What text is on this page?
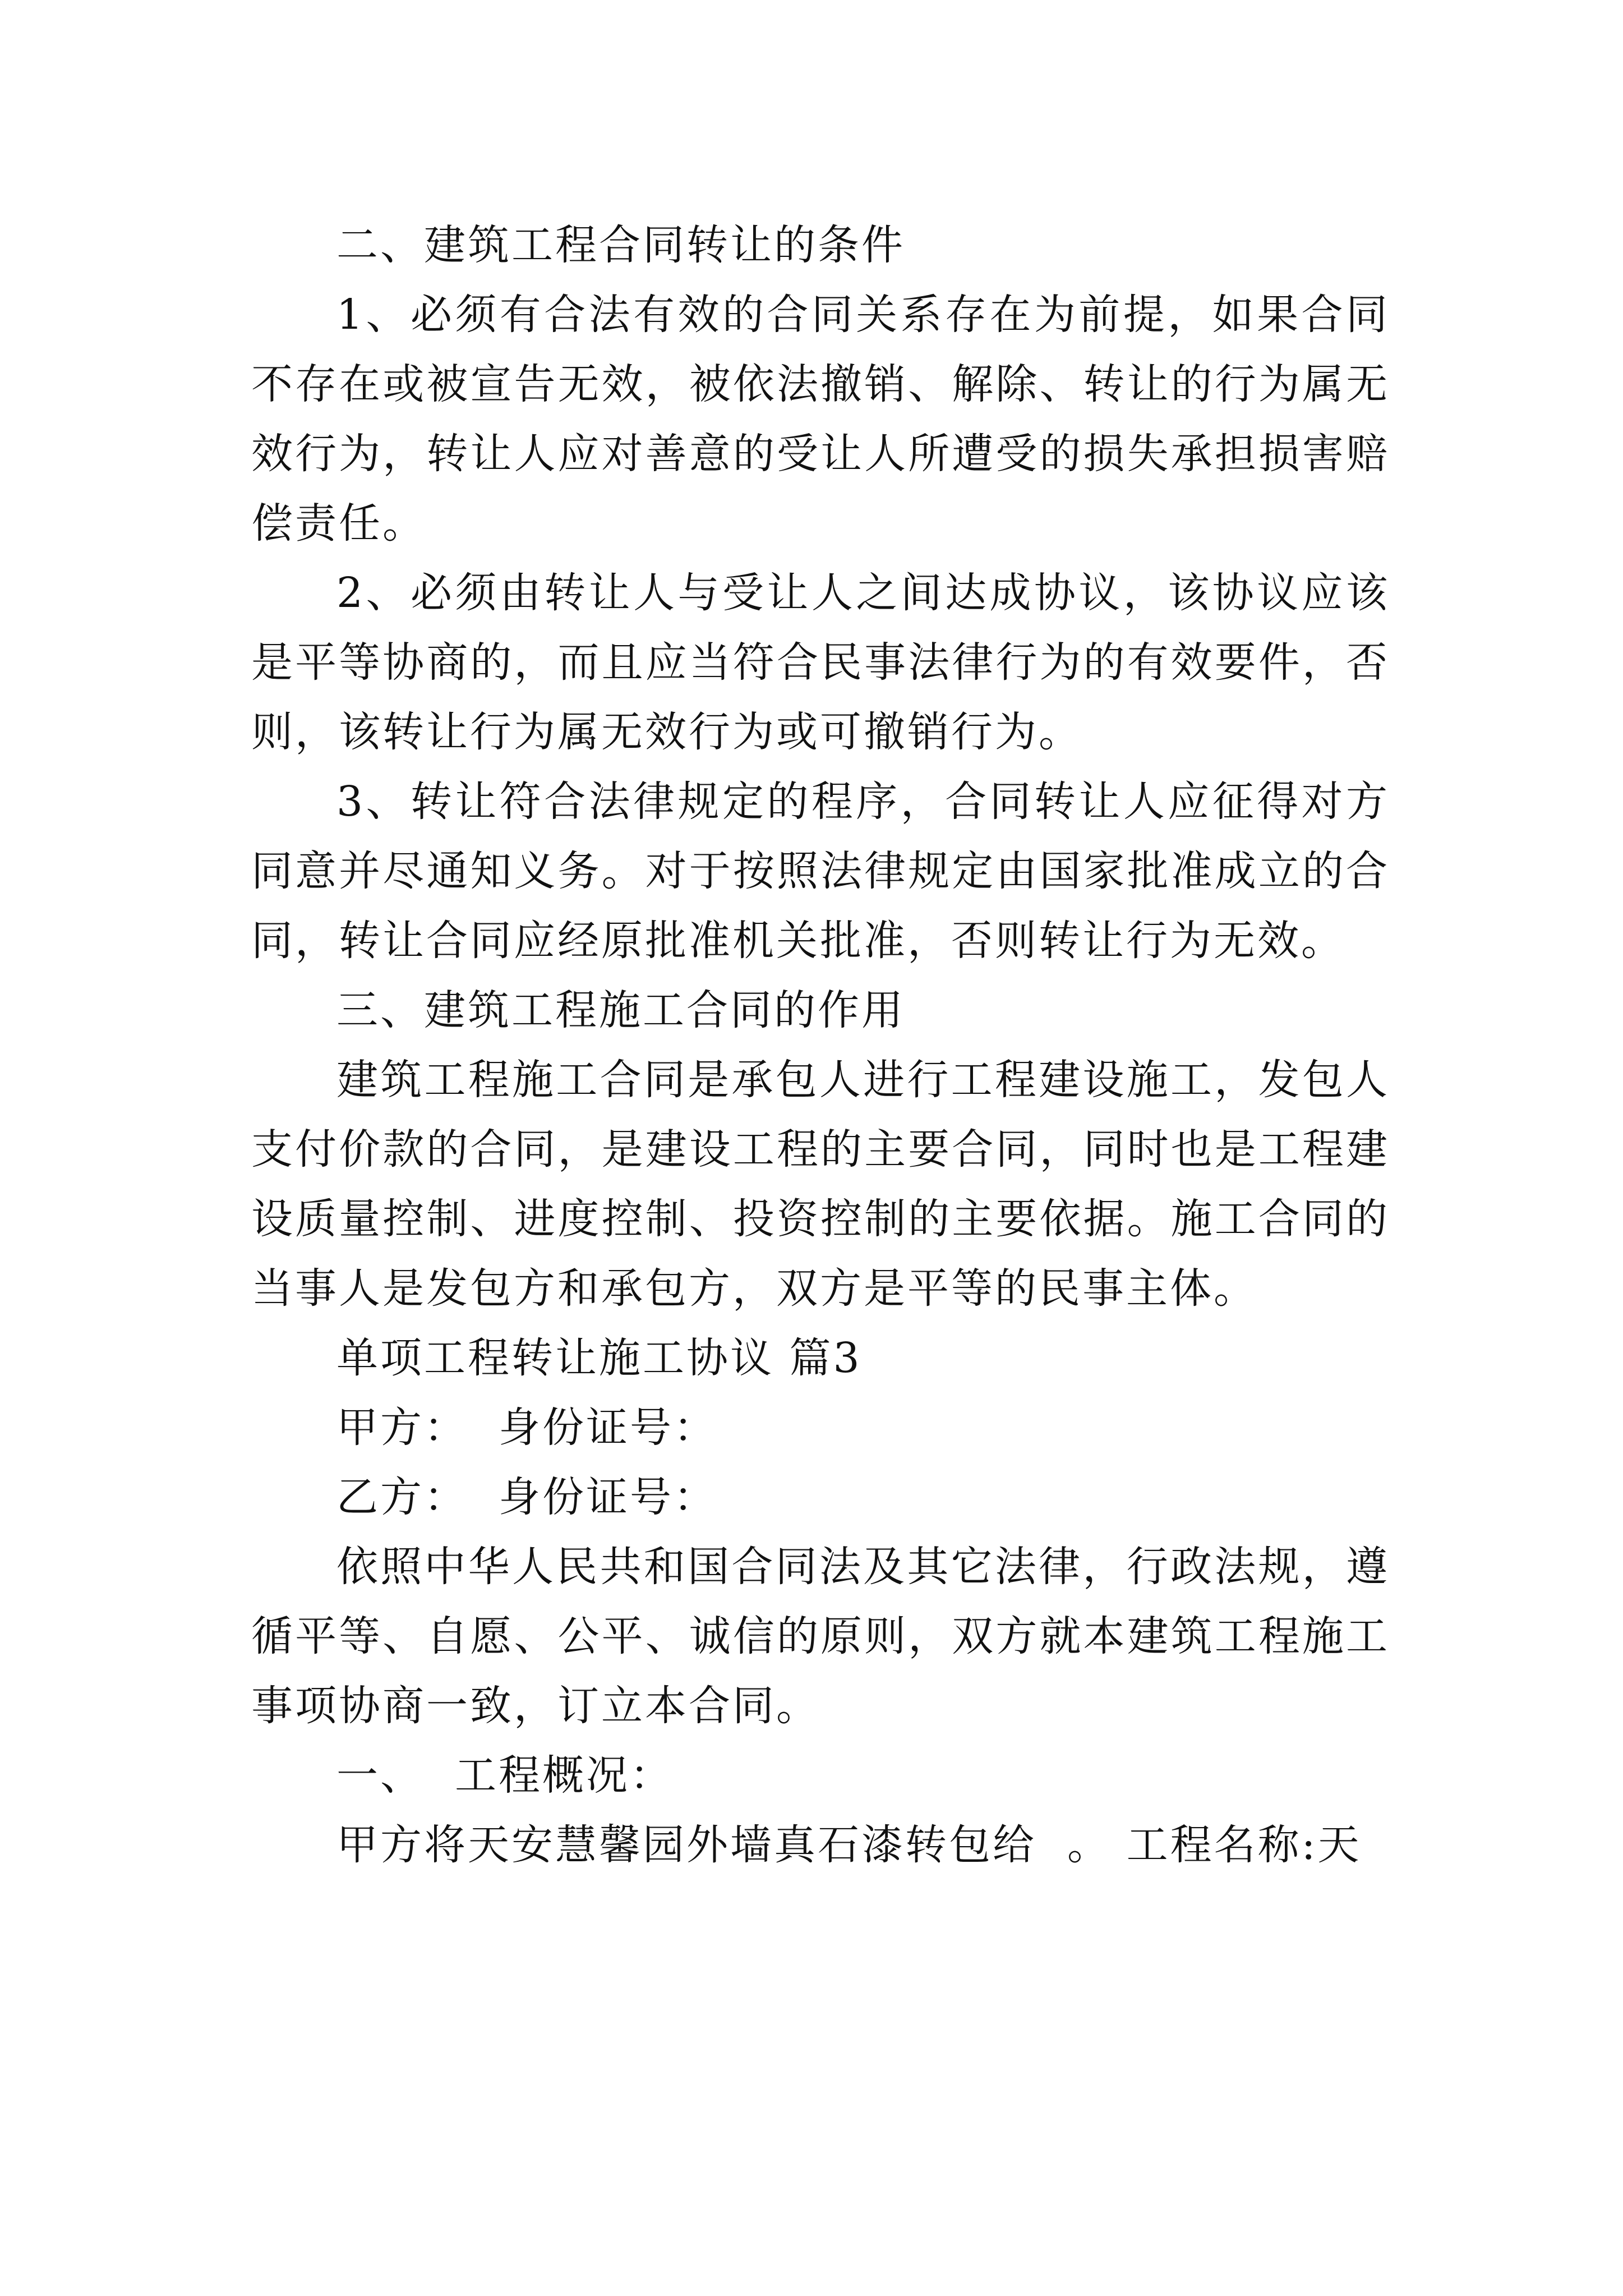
二、建筑工程合同转让的条件

1、必须有合法有效的合同关系存在为前提，如果合同不存在或被宣告无效，被依法撤销、解除、转让的行为属无效行为，转让人应对善意的受让人所遭受的损失承担损害赔偿责任。

2、必须由转让人与受让人之间达成协议，该协议应该是平等协商的，而且应当符合民事法律行为的有效要件，否则，该转让行为属无效行为或可撤销行为。

3、转让符合法律规定的程序，合同转让人应征得对方同意并尽通知义务。对于按照法律规定由国家批准成立的合同，转让合同应经原批准机关批准，否则转让行为无效。

三、建筑工程施工合同的作用

建筑工程施工合同是承包人进行工程建设施工，发包人支付价款的合同，是建设工程的主要合同，同时也是工程建设质量控制、进度控制、投资控制的主要依据。施工合同的当事人是发包方和承包方，双方是平等的民事主体。

单项工程转让施工协议 篇3

甲方：  身份证号：

乙方：  身份证号：

依照中华人民共和国合同法及其它法律，行政法规，遵循平等、自愿、公平、诚信的原则，双方就本建筑工程施工事项协商一致，订立本合同。

一、  工程概况：

甲方将天安慧馨园外墙真石漆转包给  。 工程名称:天
